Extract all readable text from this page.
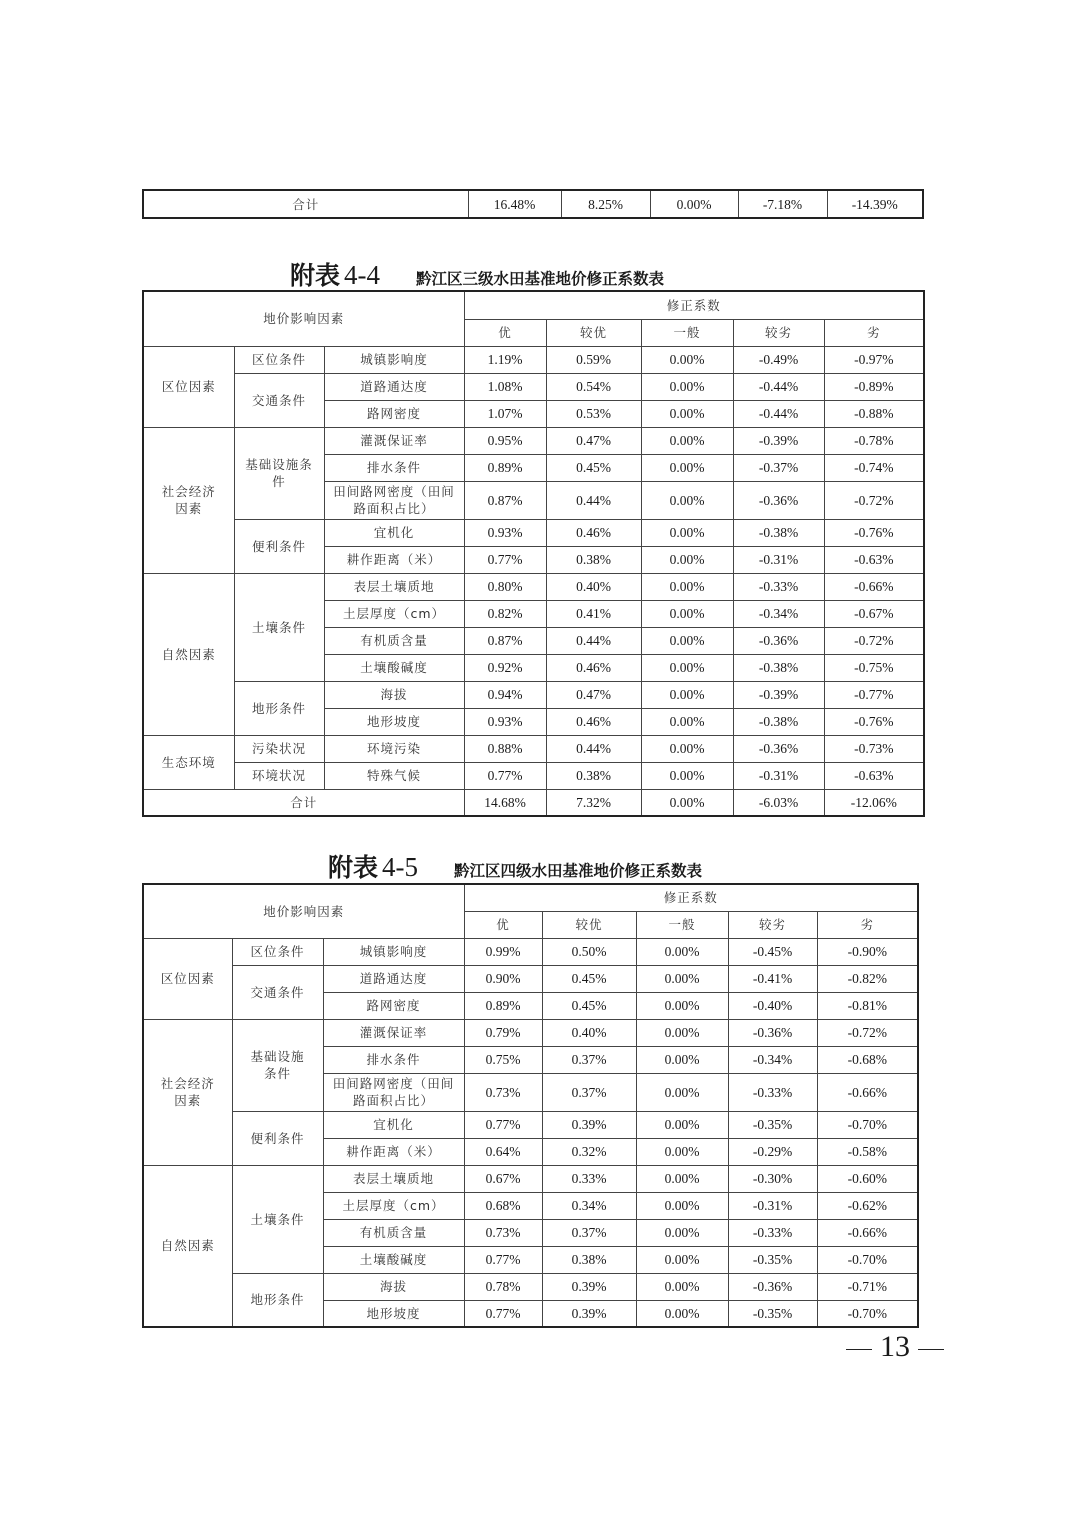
合计	16.48%	8.25%	0.00%	-7.18%	-14.39%
附表 4-4 黔江区三级水田基准地价修正系数表
地价影响因素			修正系数				
			优	较优	一般	较劣	劣
区位因素	区位条件	城镇影响度	1.19%	0.59%	0.00%	-0.49%	-0.97%
	交通条件	道路通达度	1.08%	0.54%	0.00%	-0.44%	-0.89%
		路网密度	1.07%	0.53%	0.00%	-0.44%	-0.88%
社会经济因素	基础设施条件	灌溉保证率	0.95%	0.47%	0.00%	-0.39%	-0.78%
		排水条件	0.89%	0.45%	0.00%	-0.37%	-0.74%
		田间路网密度（田间路面积占比）	0.87%	0.44%	0.00%	-0.36%	-0.72%
	便利条件	宜机化	0.93%	0.46%	0.00%	-0.38%	-0.76%
		耕作距离（米）	0.77%	0.38%	0.00%	-0.31%	-0.63%
自然因素	土壤条件	表层土壤质地	0.80%	0.40%	0.00%	-0.33%	-0.66%
		土层厚度（cm）	0.82%	0.41%	0.00%	-0.34%	-0.67%
		有机质含量	0.87%	0.44%	0.00%	-0.36%	-0.72%
		土壤酸碱度	0.92%	0.46%	0.00%	-0.38%	-0.75%
	地形条件	海拔	0.94%	0.47%	0.00%	-0.39%	-0.77%
		地形坡度	0.93%	0.46%	0.00%	-0.38%	-0.76%
生态环境	污染状况	环境污染	0.88%	0.44%	0.00%	-0.36%	-0.73%
	环境状况	特殊气候	0.77%	0.38%	0.00%	-0.31%	-0.63%
合计			14.68%	7.32%	0.00%	-6.03%	-12.06%
附表 4-5 黔江区四级水田基准地价修正系数表
地价影响因素			修正系数				
			优	较优	一般	较劣	劣
区位因素	区位条件	城镇影响度	0.99%	0.50%	0.00%	-0.45%	-0.90%
	交通条件	道路通达度	0.90%	0.45%	0.00%	-0.41%	-0.82%
		路网密度	0.89%	0.45%	0.00%	-0.40%	-0.81%
社会经济因素	基础设施条件	灌溉保证率	0.79%	0.40%	0.00%	-0.36%	-0.72%
		排水条件	0.75%	0.37%	0.00%	-0.34%	-0.68%
		田间路网密度（田间路面积占比）	0.73%	0.37%	0.00%	-0.33%	-0.66%
	便利条件	宜机化	0.77%	0.39%	0.00%	-0.35%	-0.70%
		耕作距离（米）	0.64%	0.32%	0.00%	-0.29%	-0.58%
自然因素	土壤条件	表层土壤质地	0.67%	0.33%	0.00%	-0.30%	-0.60%
		土层厚度（cm）	0.68%	0.34%	0.00%	-0.31%	-0.62%
		有机质含量	0.73%	0.37%	0.00%	-0.33%	-0.66%
		土壤酸碱度	0.77%	0.38%	0.00%	-0.35%	-0.70%
	地形条件	海拔	0.78%	0.39%	0.00%	-0.36%	-0.71%
		地形坡度	0.77%	0.39%	0.00%	-0.35%	-0.70%
13
